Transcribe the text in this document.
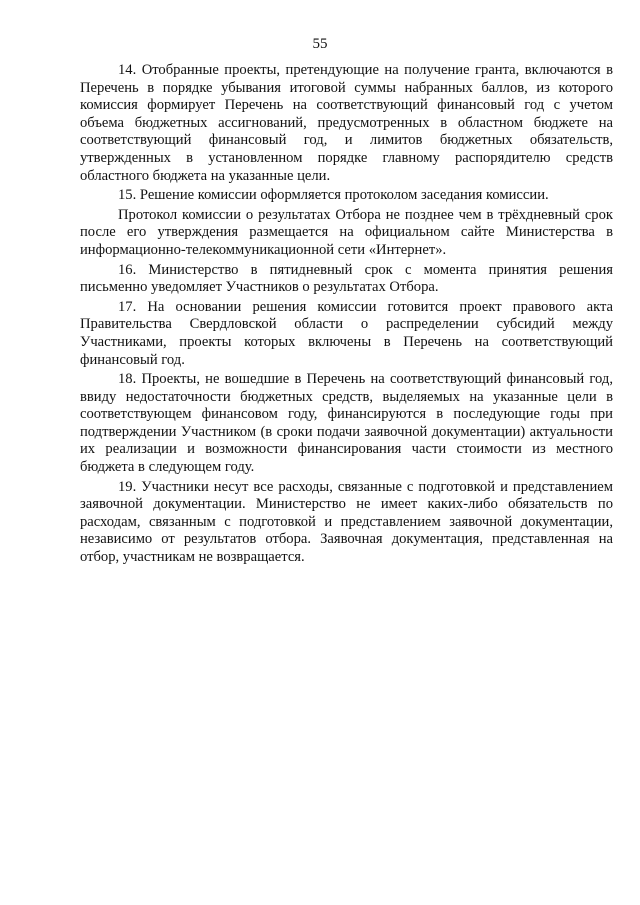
55

14. Отобранные проекты, претендующие на получение гранта, включаются в Перечень в порядке убывания итоговой суммы набранных баллов, из которого комиссия формирует Перечень на соответствующий финансовый год с учетом объема бюджетных ассигнований, предусмотренных в областном бюджете на соответствующий финансовый год, и лимитов бюджетных обязательств, утвержденных в установленном порядке главному распорядителю средств областного бюджета на указанные цели.

15. Решение комиссии оформляется протоколом заседания комиссии.

Протокол комиссии о результатах Отбора не позднее чем в трёхдневный срок после его утверждения размещается на официальном сайте Министерства в информационно-телекоммуникационной сети «Интернет».

16. Министерство в пятидневный срок с момента принятия решения письменно уведомляет Участников о результатах Отбора.

17. На основании решения комиссии готовится проект правового акта Правительства Свердловской области о распределении субсидий между Участниками, проекты которых включены в Перечень на соответствующий финансовый год.

18. Проекты, не вошедшие в Перечень на соответствующий финансовый год, ввиду недостаточности бюджетных средств, выделяемых на указанные цели в соответствующем финансовом году, финансируются в последующие годы при подтверждении Участником (в сроки подачи заявочной документации) актуальности их реализации и возможности финансирования части стоимости из местного бюджета в следующем году.

19. Участники несут все расходы, связанные с подготовкой и представлением заявочной документации. Министерство не имеет каких-либо обязательств по расходам, связанным с подготовкой и представлением заявочной документации, независимо от результатов отбора. Заявочная документация, представленная на отбор, участникам не возвращается.
